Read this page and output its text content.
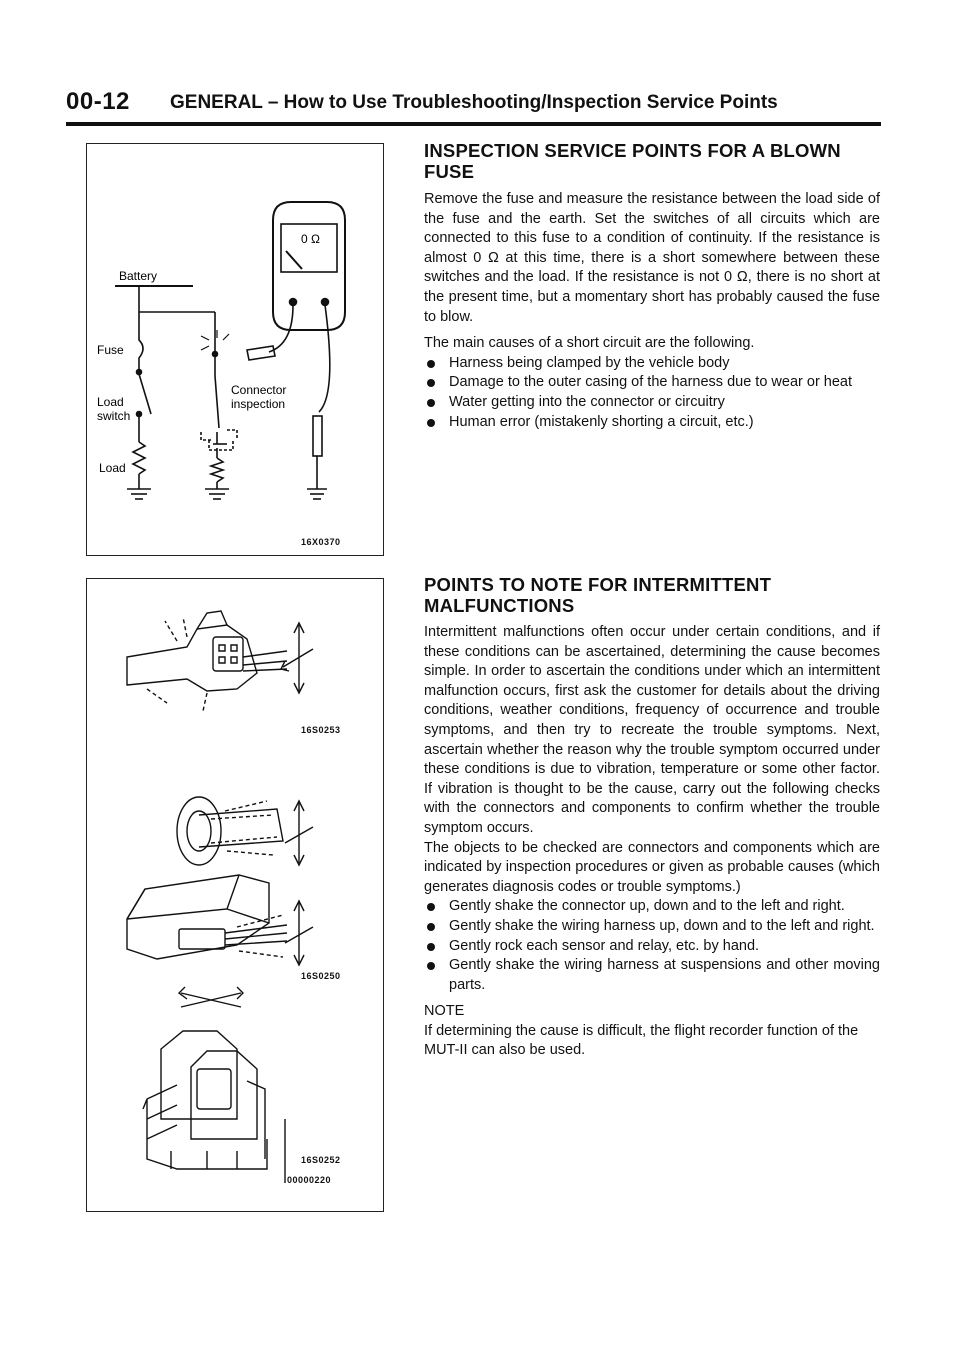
00-12 GENERAL – How to Use Troubleshooting/Inspection Service Points
0 Ω
Battery
Fuse
Load
switch
Load
Connector
inspection
16X0370
16S0253
16S0250
16S0252
00000220
INSPECTION SERVICE POINTS FOR A BLOWN
FUSE

Remove the fuse and measure the resistance between the load side of the fuse and the earth. Set the switches of all circuits which are connected to this fuse to a condition of continuity. If the resistance is almost 0 Ω at this time, there is a short somewhere between these switches and the load. If the resistance is not 0 Ω, there is no short at the present time, but a momentary short has probably caused the fuse to blow.

The main causes of a short circuit are the following.

Harness being clamped by the vehicle body
Damage to the outer casing of the harness due to wear or heat
Water getting into the connector or circuitry
Human error (mistakenly shorting a circuit, etc.)
POINTS TO NOTE FOR INTERMITTENT
MALFUNCTIONS

Intermittent malfunctions often occur under certain conditions, and if these conditions can be ascertained, determining the cause becomes simple. In order to ascertain the conditions under which an intermittent malfunction occurs, first ask the customer for details about the driving conditions, weather conditions, frequency of occurrence and trouble symptoms, and then try to recreate the trouble symptoms. Next, ascertain whether the reason why the trouble symptom occurred under these conditions is due to vibration, temperature or some other factor. If vibration is thought to be the cause, carry out the following checks with the connectors and components to confirm whether the trouble symptom occurs.

The objects to be checked are connectors and components which are indicated by inspection procedures or given as probable causes (which generates diagnosis codes or trouble symptoms.)

Gently shake the connector up, down and to the left and right.
Gently shake the wiring harness up, down and to the left and right.
Gently rock each sensor and relay, etc. by hand.
Gently shake the wiring harness at suspensions and other moving parts.

NOTE

If determining the cause is difficult, the flight recorder function of the MUT-II can also be used.
